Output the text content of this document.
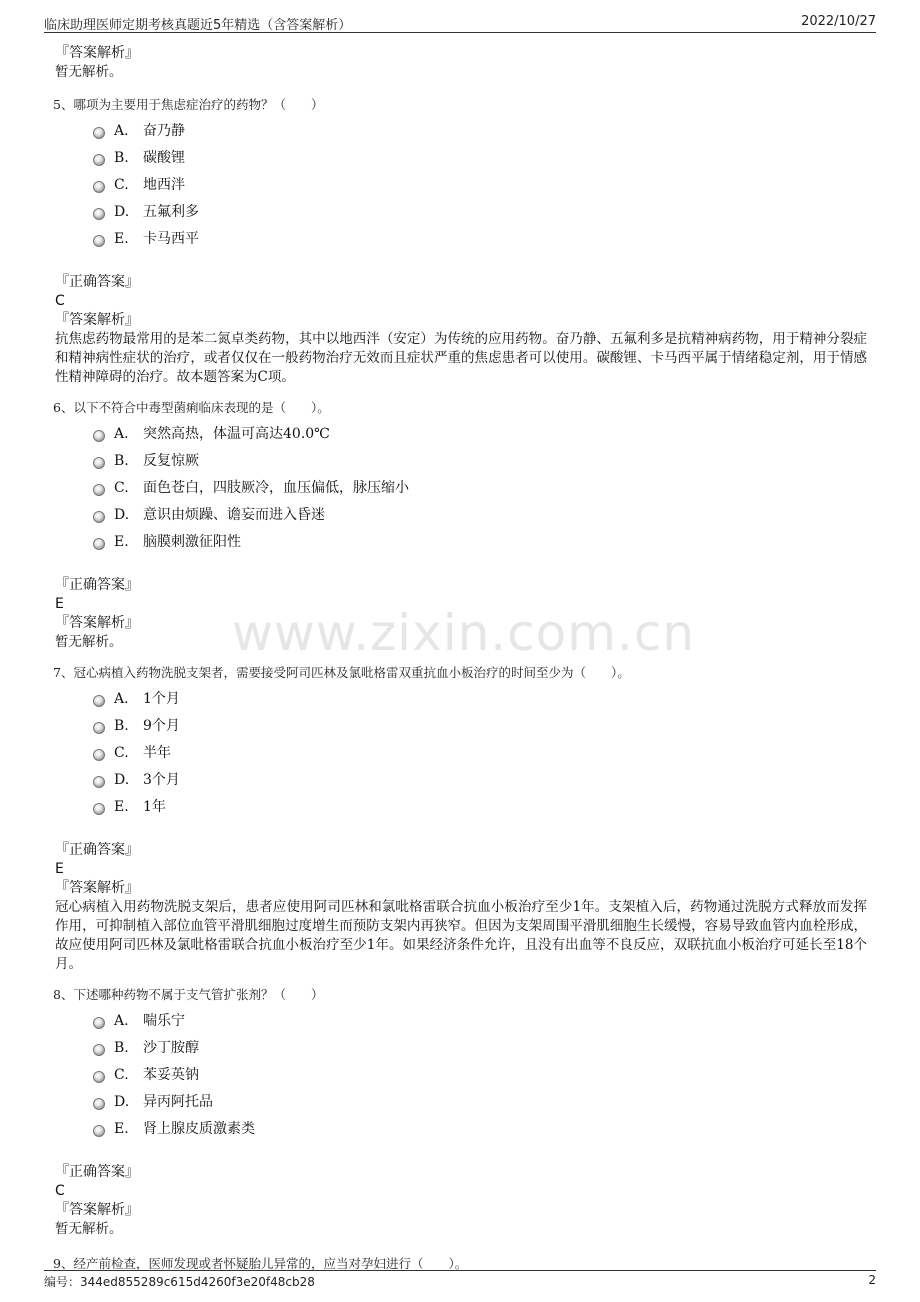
临床助理医师定期考核真题近5年精选（含答案解析）	2022/10/27
www.zixin.com.cn
『答案解析』
暂无解析。
5、哪项为主要用于焦虑症治疗的药物？（　　）
A. 奋乃静
B. 碳酸锂
C. 地西泮
D. 五氟利多
E. 卡马西平
『正确答案』
C
『答案解析』
抗焦虑药物最常用的是苯二氮卓类药物，其中以地西泮（安定）为传统的应用药物。奋乃静、五氟利多是抗精神病药物，用于精神分裂症和精神病性症状的治疗，或者仅仅在一般药物治疗无效而且症状严重的焦虑患者可以使用。碳酸锂、卡马西平属于情绪稳定剂，用于情感性精神障碍的治疗。故本题答案为C项。
6、以下不符合中毒型菌痢临床表现的是（　　）。
A. 突然高热，体温可高达40.0℃
B. 反复惊厥
C. 面色苍白，四肢厥冷，血压偏低，脉压缩小
D. 意识由烦躁、谵妄而进入昏迷
E. 脑膜刺激征阳性
『正确答案』
E
『答案解析』
暂无解析。
7、冠心病植入药物洗脱支架者，需要接受阿司匹林及氯吡格雷双重抗血小板治疗的时间至少为（　　）。
A. 1个月
B. 9个月
C. 半年
D. 3个月
E. 1年
『正确答案』
E
『答案解析』
冠心病植入用药物洗脱支架后，患者应使用阿司匹林和氯吡格雷联合抗血小板治疗至少1年。支架植入后，药物通过洗脱方式释放而发挥作用，可抑制植入部位血管平滑肌细胞过度增生而预防支架内再狭窄。但因为支架周围平滑肌细胞生长缓慢，容易导致血管内血栓形成，故应使用阿司匹林及氯吡格雷联合抗血小板治疗至少1年。如果经济条件允许，且没有出血等不良反应，双联抗血小板治疗可延长至18个月。
8、下述哪种药物不属于支气管扩张剂？（　　）
A. 喘乐宁
B. 沙丁胺醇
C. 苯妥英钠
D. 异丙阿托品
E. 肾上腺皮质激素类
『正确答案』
C
『答案解析』
暂无解析。
9、经产前检查，医师发现或者怀疑胎儿异常的，应当对孕妇进行（　　）。
编号：344ed855289c615d4260f3e20f48cb28	2
